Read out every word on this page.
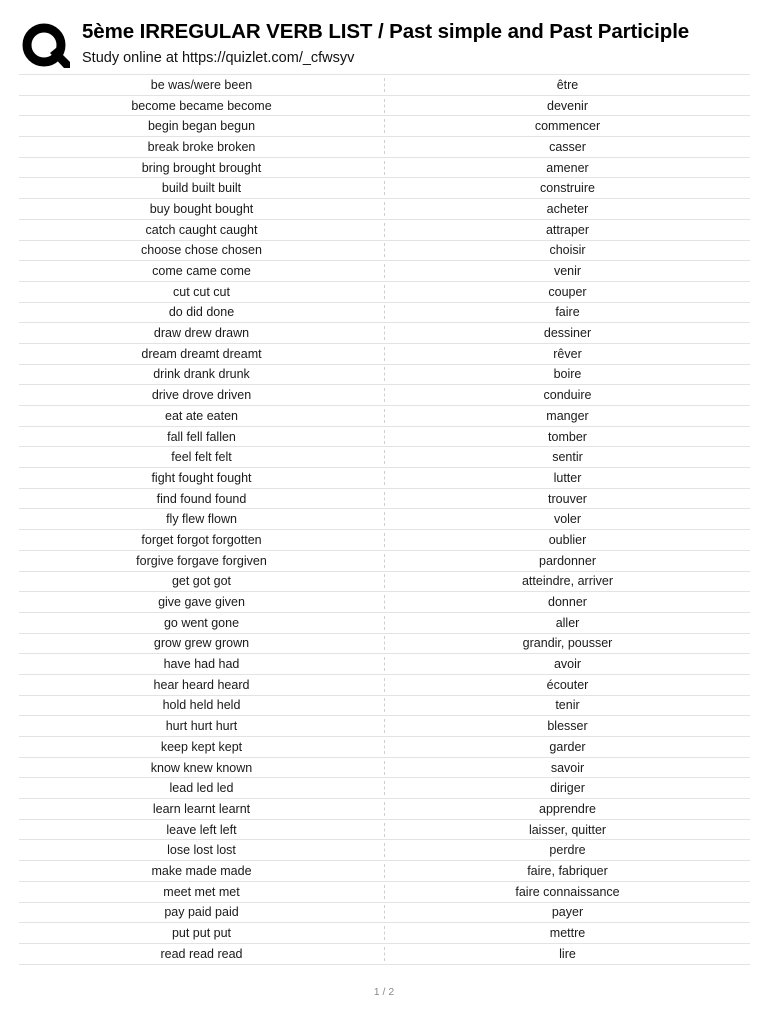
5ème IRREGULAR VERB LIST / Past simple and Past Participle
Study online at https://quizlet.com/_cfwsyv
be was/were been	être
become became become	devenir
begin began begun	commencer
break broke broken	casser
bring brought brought	amener
build built built	construire
buy bought bought	acheter
catch caught caught	attraper
choose chose chosen	choisir
come came come	venir
cut cut cut	couper
do did done	faire
draw drew drawn	dessiner
dream dreamt dreamt	rêver
drink drank drunk	boire
drive drove driven	conduire
eat ate eaten	manger
fall fell fallen	tomber
feel felt felt	sentir
fight fought fought	lutter
find found found	trouver
fly flew flown	voler
forget forgot forgotten	oublier
forgive forgave forgiven	pardonner
get got got	atteindre, arriver
give gave given	donner
go went gone	aller
grow grew grown	grandir, pousser
have had had	avoir
hear heard heard	écouter
hold held held	tenir
hurt hurt hurt	blesser
keep kept kept	garder
know knew known	savoir
lead led led	diriger
learn learnt learnt	apprendre
leave left left	laisser, quitter
lose lost lost	perdre
make made made	faire, fabriquer
meet met met	faire connaissance
pay paid paid	payer
put put put	mettre
read read read	lire
1 / 2
